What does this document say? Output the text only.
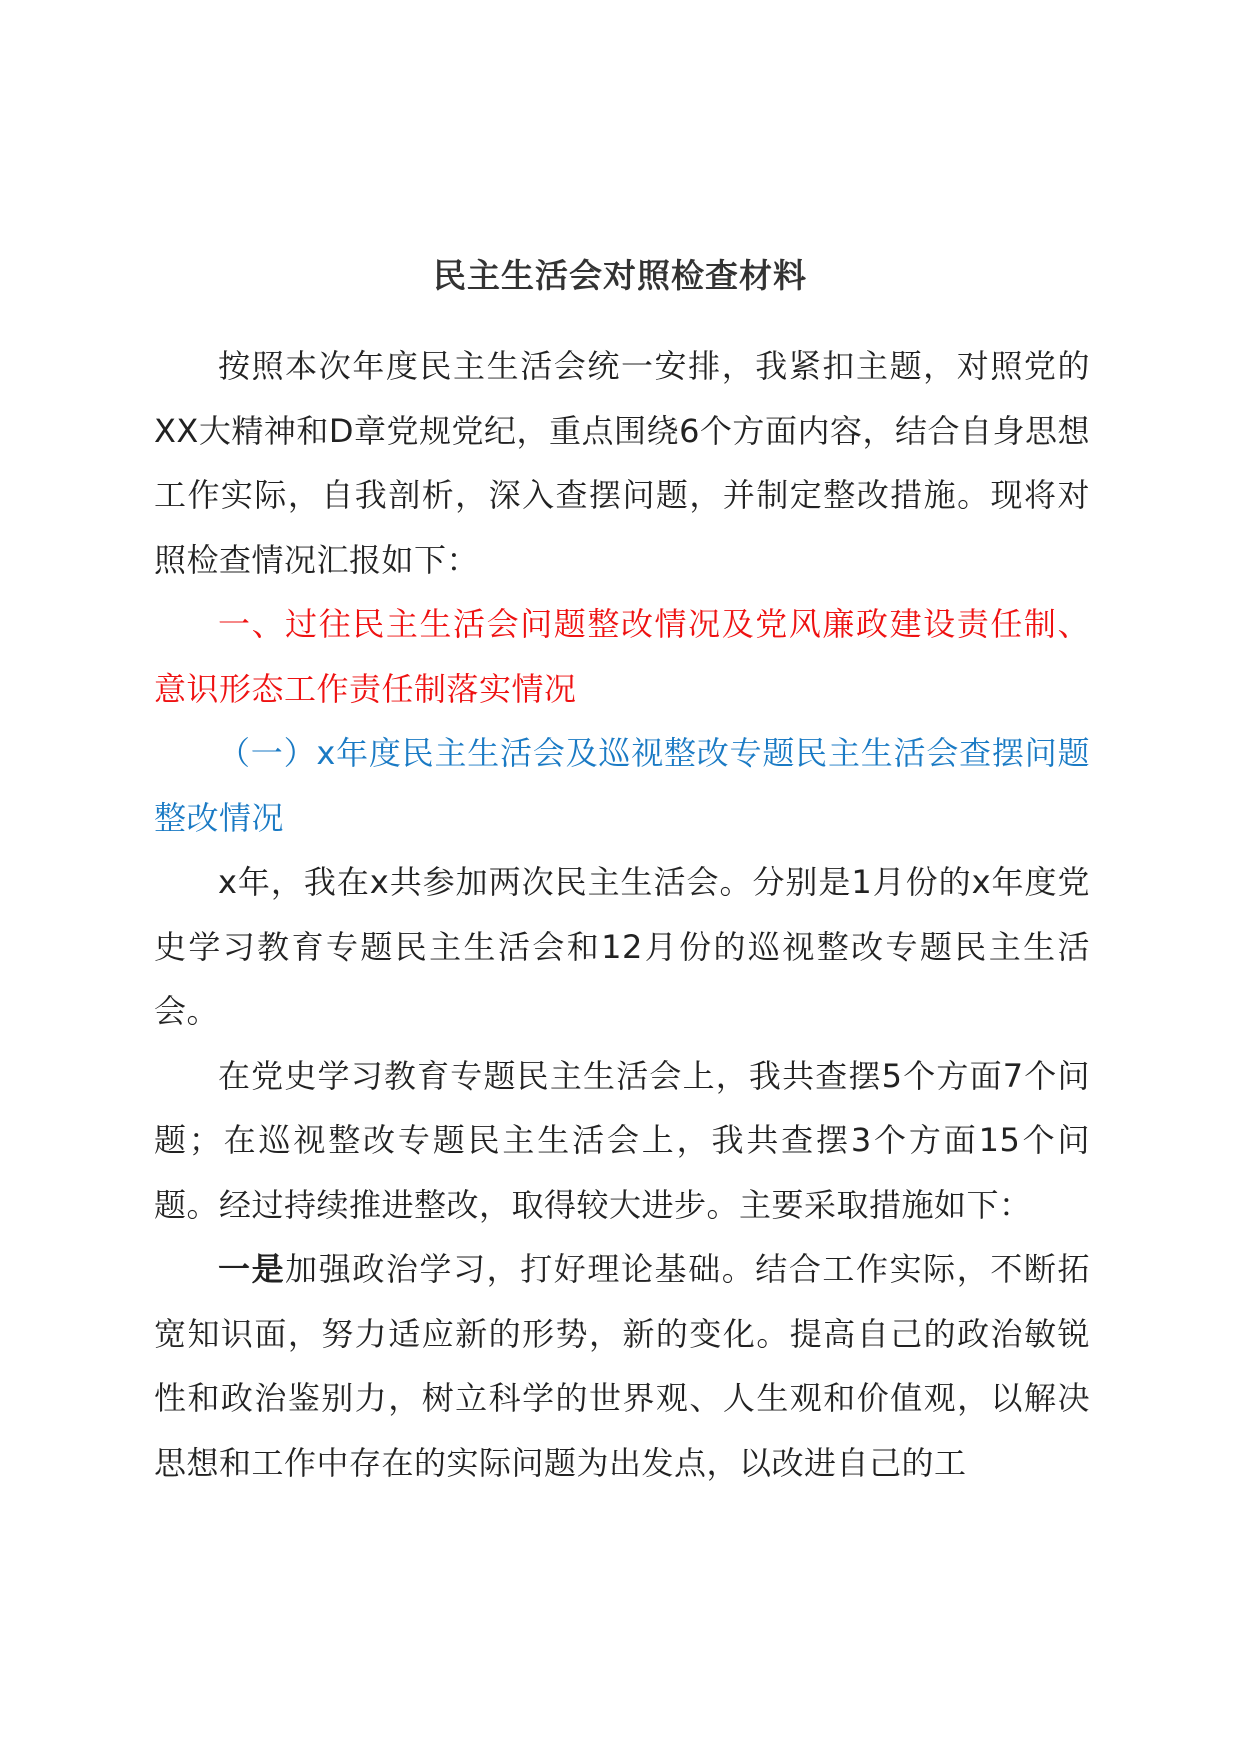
民主生活会对照检查材料

按照本次年度民主生活会统一安排，我紧扣主题，对照党的XX大精神和D章党规党纪，重点围绕6个方面内容，结合自身思想工作实际，自我剖析，深入查摆问题，并制定整改措施。现将对照检查情况汇报如下：

一、过往民主生活会问题整改情况及党风廉政建设责任制、意识形态工作责任制落实情况

（一）x年度民主生活会及巡视整改专题民主生活会查摆问题整改情况

x年，我在x共参加两次民主生活会。分别是1月份的x年度党史学习教育专题民主生活会和12月份的巡视整改专题民主生活会。

在党史学习教育专题民主生活会上，我共查摆5个方面7个问题；在巡视整改专题民主生活会上，我共查摆3个方面15个问题。经过持续推进整改，取得较大进步。主要采取措施如下：

一是加强政治学习，打好理论基础。结合工作实际，不断拓宽知识面，努力适应新的形势，新的变化。提高自己的政治敏锐性和政治鉴别力，树立科学的世界观、人生观和价值观，以解决思想和工作中存在的实际问题为出发点，以改进自己的工
